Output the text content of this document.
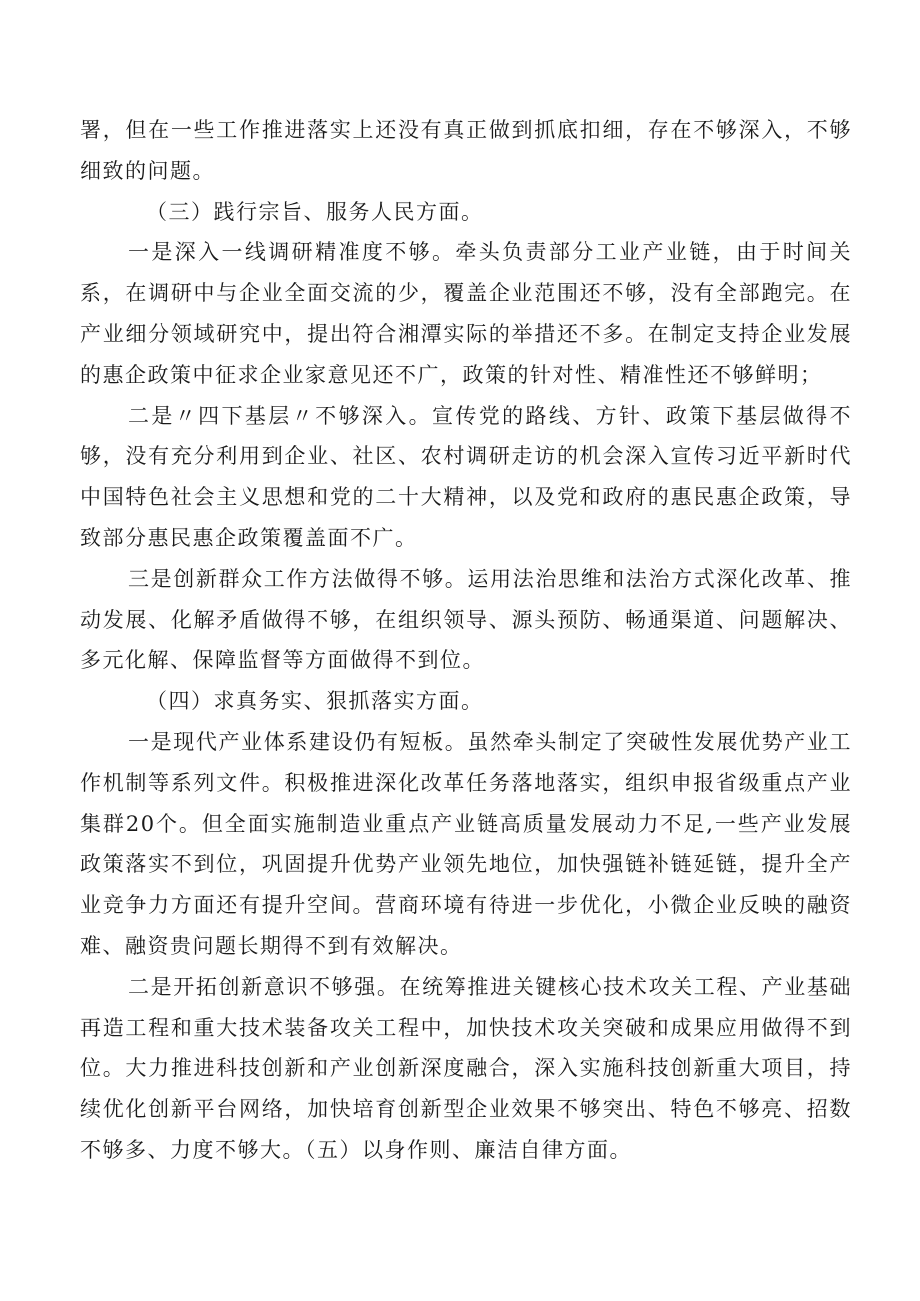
署，但在一些工作推进落实上还没有真正做到抓底扣细，存在不够深入，不够细致的问题。

（三）践行宗旨、服务人民方面。

一是深入一线调研精准度不够。牵头负责部分工业产业链，由于时间关系，在调研中与企业全面交流的少，覆盖企业范围还不够，没有全部跑完。在产业细分领域研究中，提出符合湘潭实际的举措还不多。在制定支持企业发展的惠企政策中征求企业家意见还不广，政策的针对性、精准性还不够鲜明；

二是〃四下基层〃不够深入。宣传党的路线、方针、政策下基层做得不够，没有充分利用到企业、社区、农村调研走访的机会深入宣传习近平新时代中国特色社会主义思想和党的二十大精神，以及党和政府的惠民惠企政策，导致部分惠民惠企政策覆盖面不广。

三是创新群众工作方法做得不够。运用法治思维和法治方式深化改革、推动发展、化解矛盾做得不够，在组织领导、源头预防、畅通渠道、问题解决、多元化解、保障监督等方面做得不到位。

（四）求真务实、狠抓落实方面。

一是现代产业体系建设仍有短板。虽然牵头制定了突破性发展优势产业工作机制等系列文件。积极推进深化改革任务落地落实，组织申报省级重点产业集群20个。但全面实施制造业重点产业链高质量发展动力不足,一些产业发展政策落实不到位，巩固提升优势产业领先地位，加快强链补链延链，提升全产业竞争力方面还有提升空间。营商环境有待进一步优化，小微企业反映的融资难、融资贵问题长期得不到有效解决。

二是开拓创新意识不够强。在统筹推进关键核心技术攻关工程、产业基础再造工程和重大技术装备攻关工程中，加快技术攻关突破和成果应用做得不到位。大力推进科技创新和产业创新深度融合，深入实施科技创新重大项目，持续优化创新平台网络，加快培育创新型企业效果不够突出、特色不够亮、招数不够多、力度不够大。（五）以身作则、廉洁自律方面。
